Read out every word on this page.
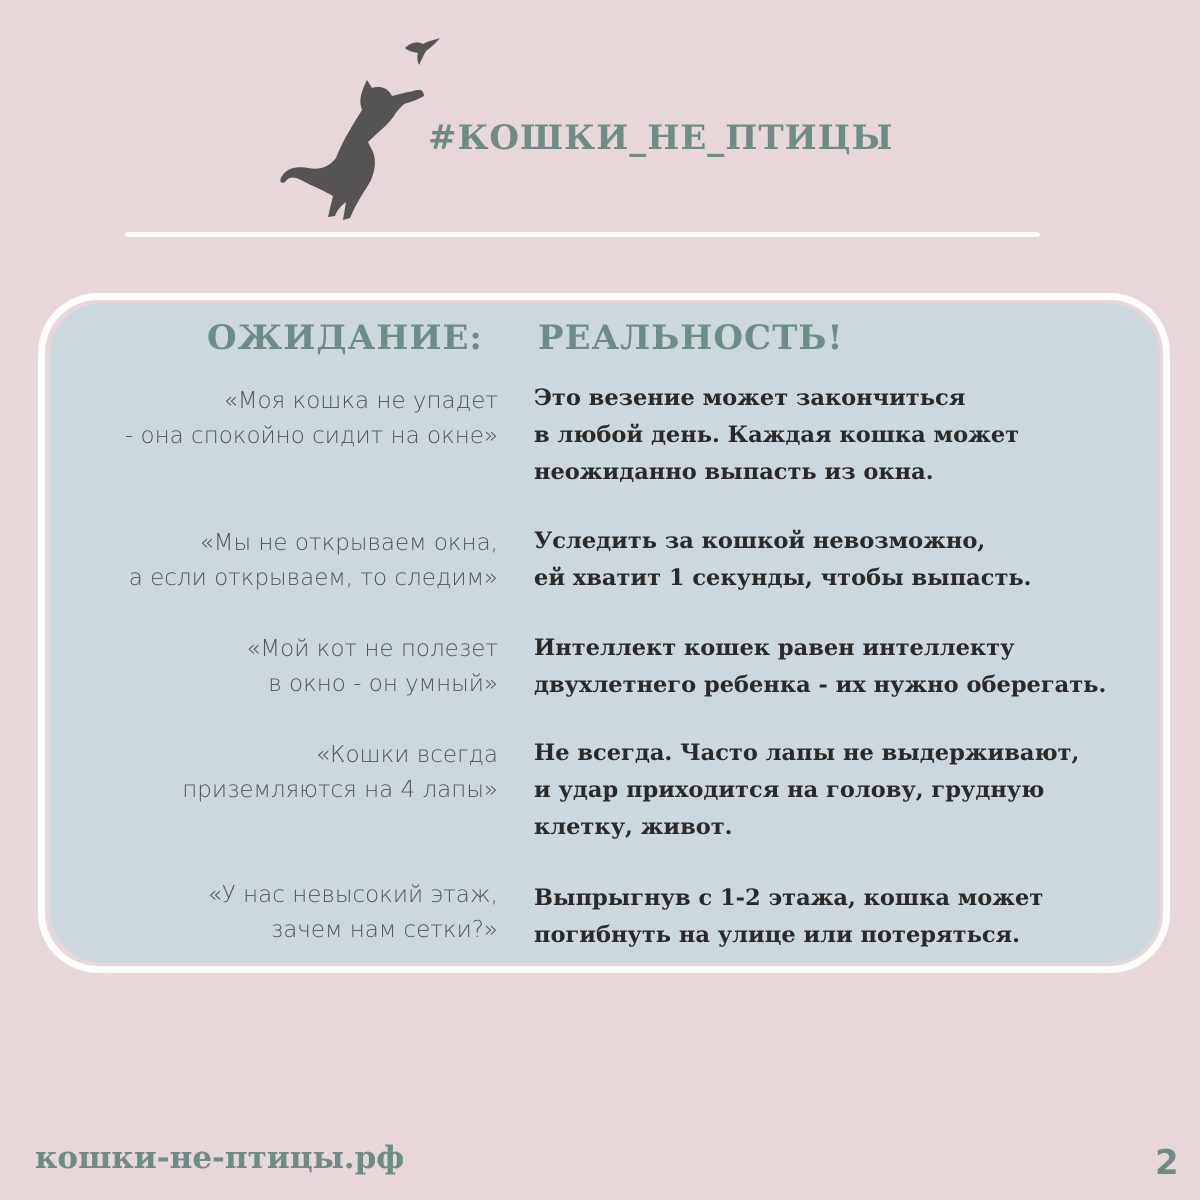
#КОШКИ_НЕ_ПТИЦЫ
ОЖИДАНИЕ: РЕАЛЬНОСТЬ!
«Моя кошка не упадет
- она спокойно сидит на окне»
Это везение может закончиться
в любой день. Каждая кошка может
неожиданно выпасть из окна.
«Мы не открываем окна,
а если открываем, то следим»
Уследить за кошкой невозможно,
ей хватит 1 секунды, чтобы выпасть.
«Мой кот не полезет
в окно - он умный»
Интеллект кошек равен интеллекту
двухлетнего ребенка - их нужно оберегать.
«Кошки всегда
приземляются на 4 лапы»
Не всегда. Часто лапы не выдерживают,
и удар приходится на голову, грудную
клетку, живот.
«У нас невысокий этаж,
зачем нам сетки?»
Выпрыгнув с 1-2 этажа, кошка может
погибнуть на улице или потеряться.
кошки-не-птицы.рф	2
